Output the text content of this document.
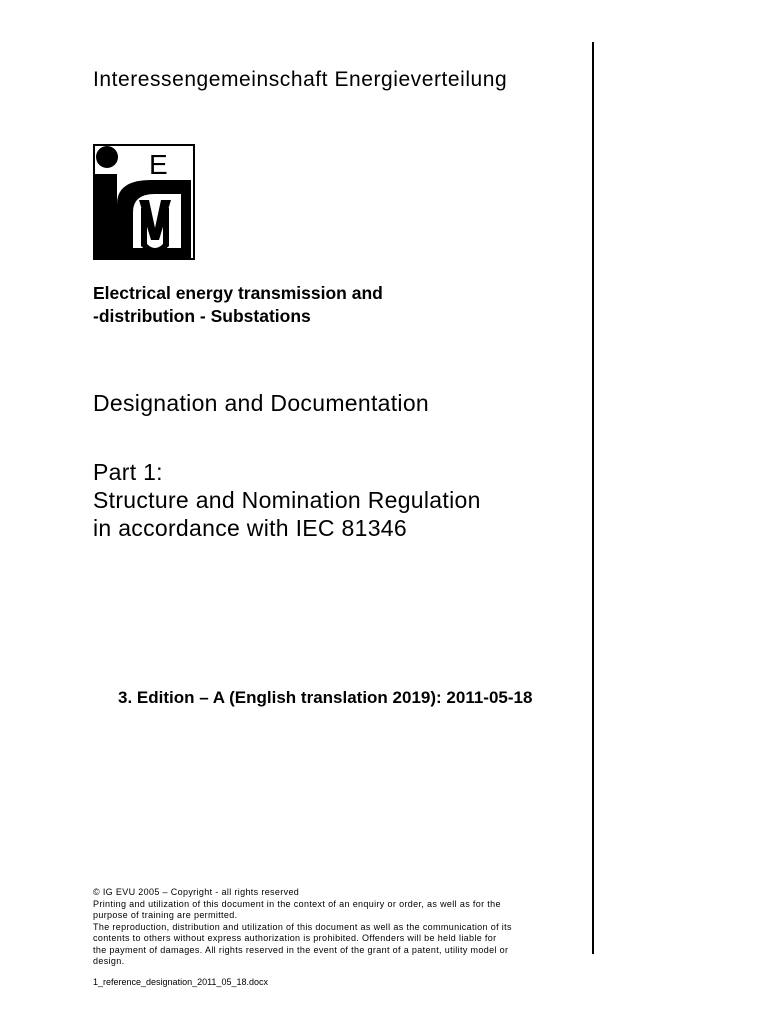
Interessengemeinschaft Energieverteilung
E
Electrical energy transmission and
-distribution - Substations
Designation and Documentation
Part 1:
Structure and Nomination Regulation
in accordance with IEC 81346
3. Edition – A (English translation 2019): 2011-05-18
© IG EVU 2005 – Copyright - all rights reserved
Printing and utilization of this document in the context of an enquiry or order, as well as for the
purpose of training are permitted.
The reproduction, distribution and utilization of this document as well as the communication of its
contents to others without express authorization is prohibited. Offenders will be held liable for
the payment of damages. All rights reserved in the event of the grant of a patent, utility model or
design.
1_reference_designation_2011_05_18.docx
